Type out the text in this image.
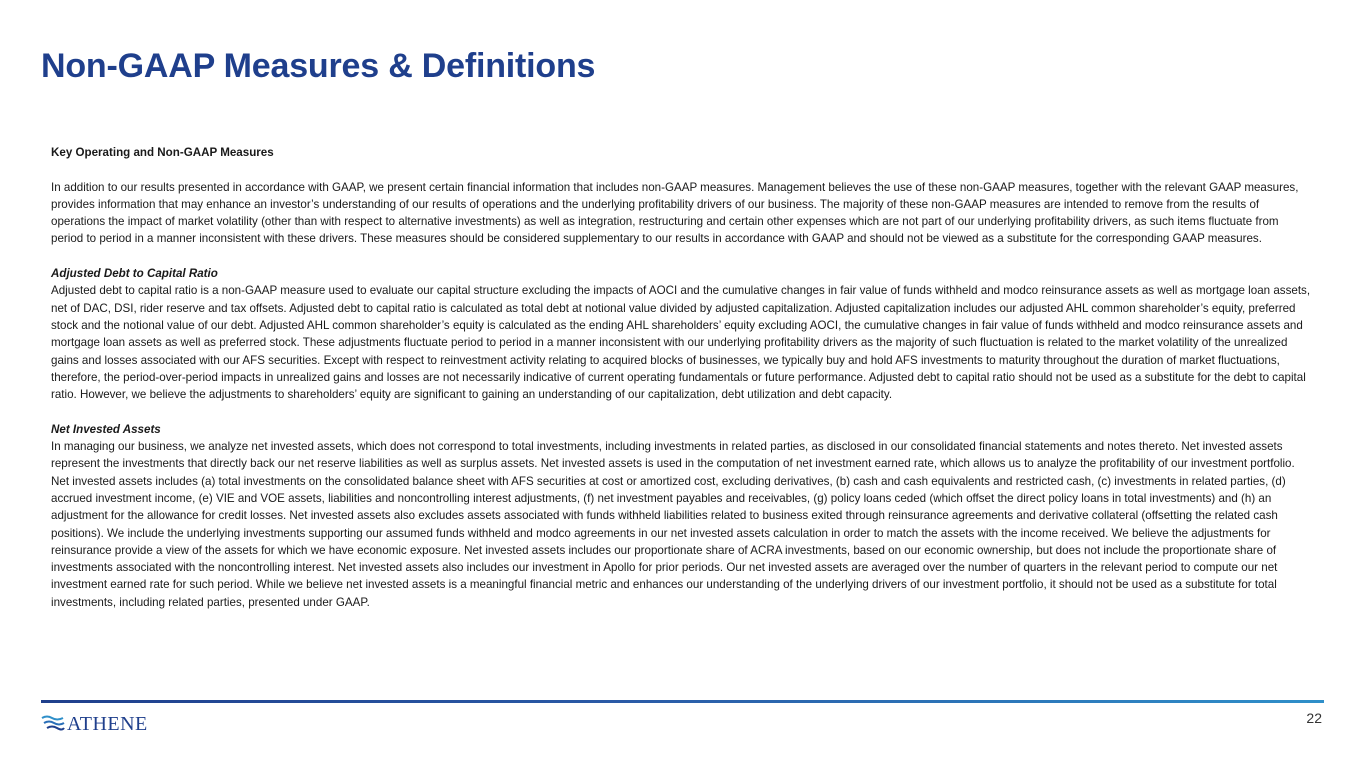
Non-GAAP Measures & Definitions

Key Operating and Non-GAAP Measures

In addition to our results presented in accordance with GAAP, we present certain financial information that includes non-GAAP measures. Management believes the use of these non-GAAP measures, together with the relevant GAAP measures, provides information that may enhance an investor’s understanding of our results of operations and the underlying profitability drivers of our business. The majority of these non-GAAP measures are intended to remove from the results of operations the impact of market volatility (other than with respect to alternative investments) as well as integration, restructuring and certain other expenses which are not part of our underlying profitability drivers, as such items fluctuate from period to period in a manner inconsistent with these drivers. These measures should be considered supplementary to our results in accordance with GAAP and should not be viewed as a substitute for the corresponding GAAP measures.

Adjusted Debt to Capital Ratio

Adjusted debt to capital ratio is a non-GAAP measure used to evaluate our capital structure excluding the impacts of AOCI and the cumulative changes in fair value of funds withheld and modco reinsurance assets as well as mortgage loan assets, net of DAC, DSI, rider reserve and tax offsets. Adjusted debt to capital ratio is calculated as total debt at notional value divided by adjusted capitalization. Adjusted capitalization includes our adjusted AHL common shareholder’s equity, preferred stock and the notional value of our debt. Adjusted AHL common shareholder’s equity is calculated as the ending AHL shareholders’ equity excluding AOCI, the cumulative changes in fair value of funds withheld and modco reinsurance assets and mortgage loan assets as well as preferred stock. These adjustments fluctuate period to period in a manner inconsistent with our underlying profitability drivers as the majority of such fluctuation is related to the market volatility of the unrealized gains and losses associated with our AFS securities. Except with respect to reinvestment activity relating to acquired blocks of businesses, we typically buy and hold AFS investments to maturity throughout the duration of market fluctuations, therefore, the period-over-period impacts in unrealized gains and losses are not necessarily indicative of current operating fundamentals or future performance. Adjusted debt to capital ratio should not be used as a substitute for the debt to capital ratio. However, we believe the adjustments to shareholders’ equity are significant to gaining an understanding of our capitalization, debt utilization and debt capacity.

Net Invested Assets

In managing our business, we analyze net invested assets, which does not correspond to total investments, including investments in related parties, as disclosed in our consolidated financial statements and notes thereto. Net invested assets represent the investments that directly back our net reserve liabilities as well as surplus assets. Net invested assets is used in the computation of net investment earned rate, which allows us to analyze the profitability of our investment portfolio. Net invested assets includes (a) total investments on the consolidated balance sheet with AFS securities at cost or amortized cost, excluding derivatives, (b) cash and cash equivalents and restricted cash, (c) investments in related parties, (d) accrued investment income, (e) VIE and VOE assets, liabilities and noncontrolling interest adjustments, (f) net investment payables and receivables, (g) policy loans ceded (which offset the direct policy loans in total investments) and (h) an adjustment for the allowance for credit losses. Net invested assets also excludes assets associated with funds withheld liabilities related to business exited through reinsurance agreements and derivative collateral (offsetting the related cash positions). We include the underlying investments supporting our assumed funds withheld and modco agreements in our net invested assets calculation in order to match the assets with the income received. We believe the adjustments for reinsurance provide a view of the assets for which we have economic exposure. Net invested assets includes our proportionate share of ACRA investments, based on our economic ownership, but does not include the proportionate share of investments associated with the noncontrolling interest. Net invested assets also includes our investment in Apollo for prior periods. Our net invested assets are averaged over the number of quarters in the relevant period to compute our net investment earned rate for such period. While we believe net invested assets is a meaningful financial metric and enhances our understanding of the underlying drivers of our investment portfolio, it should not be used as a substitute for total investments, including related parties, presented under GAAP.

ATHENE	22
